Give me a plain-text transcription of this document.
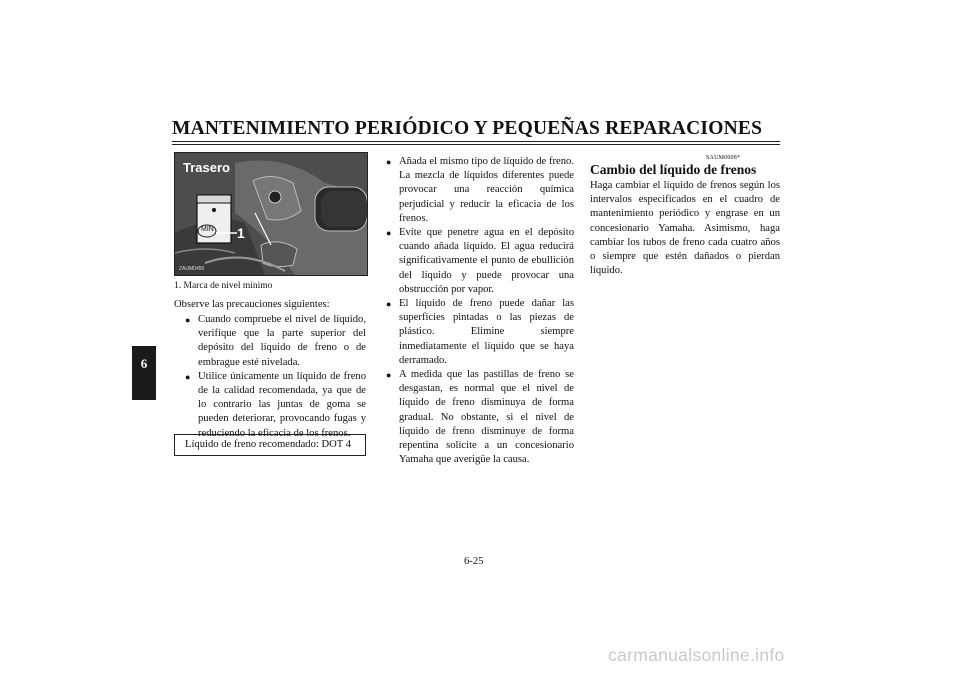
MANTENIMIENTO PERIÓDICO Y PEQUEÑAS REPARACIONES
6
Trasero
MIN 1
ZAUM0450
1. Marca de nivel mínimo
Observe las precauciones siguientes:
● Cuando compruebe el nivel de líquido, verifique que la parte superior del depósito del líquido de freno o de embrague esté nivelada.
● Utilice únicamente un líquido de freno de la calidad recomendada, ya que de lo contrario las juntas de goma se pueden deteriorar, provocando fugas y reduciendo la eficacia de los frenos.
Líquido de freno recomendado: DOT 4
● Añada el mismo tipo de líquido de freno. La mezcla de líquidos diferentes puede provocar una reacción química perjudicial y reducir la eficacia de los frenos.
● Evite que penetre agua en el depósito cuando añada líquido. El agua reducirá significativamente el punto de ebullición del líquido y puede provocar una obstrucción por vapor.
● El líquido de freno puede dañar las superficies pintadas o las piezas de plástico. Elimine siempre inmediatamente el líquido que se haya derramado.
● A medida que las pastillas de freno se desgastan, es normal que el nivel de líquido de freno disminuya de forma gradual. No obstante, si el nivel de líquido de freno disminuye de forma repentina solicite a un concesionario Yamaha que averigüe la causa.
SAUM0008*
Cambio del líquido de frenos
Haga cambiar el líquido de frenos según los intervalos especificados en el cuadro de mantenimiento periódico y engrase en un concesionario Yamaha. Asimismo, haga cambiar los tubos de freno cada cuatro años o siempre que estén dañados o pierdan líquido.
6-25
carmanualsonline.info
